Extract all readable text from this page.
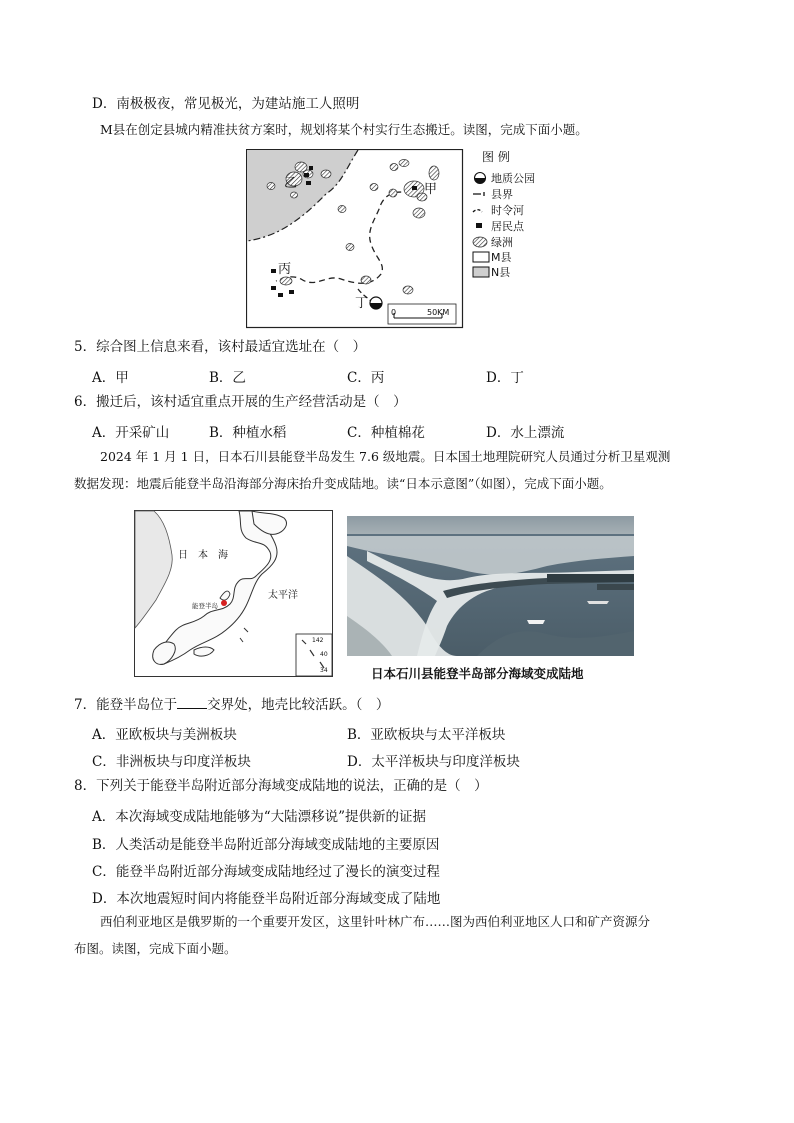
D．南极极夜，常见极光，为建站施工人照明
M县在创定县城内精准扶贫方案时，规划将某个村实行生态搬迁。读图，完成下面小题。
乙	甲
丙
丁
0	50KM
图 例
地质公园
县界
时令河
居民点
绿洲
M县
N县
5．综合图上信息来看，该村最适宜选址在（　）
A．甲	B．乙	C．丙	D．丁
6．搬迁后，该村适宜重点开展的生产经营活动是（　）
A．开采矿山	B．种植水稻	C．种植棉花	D．水上漂流
2024 年 1 月 1 日，日本石川县能登半岛发生 7.6 级地震。日本国土地理院研究人员通过分析卫星观测
数据发现：地震后能登半岛沿海部分海床抬升变成陆地。读“日本示意图”（如图），完成下面小题。
日　本　海
太平洋
能登半岛
142
40
34	日本石川县能登半岛部分海域变成陆地
7．能登半岛位于 交界处，地壳比较活跃。（　）
A．亚欧板块与美洲板块	B．亚欧板块与太平洋板块
C．非洲板块与印度洋板块	D．太平洋板块与印度洋板块
8．下列关于能登半岛附近部分海域变成陆地的说法，正确的是（　）
A．本次海域变成陆地能够为“大陆漂移说”提供新的证据
B．人类活动是能登半岛附近部分海域变成陆地的主要原因
C．能登半岛附近部分海域变成陆地经过了漫长的演变过程
D．本次地震短时间内将能登半岛附近部分海域变成了陆地
西伯利亚地区是俄罗斯的一个重要开发区，这里针叶林广布……图为西伯利亚地区人口和矿产资源分
布图。读图，完成下面小题。
